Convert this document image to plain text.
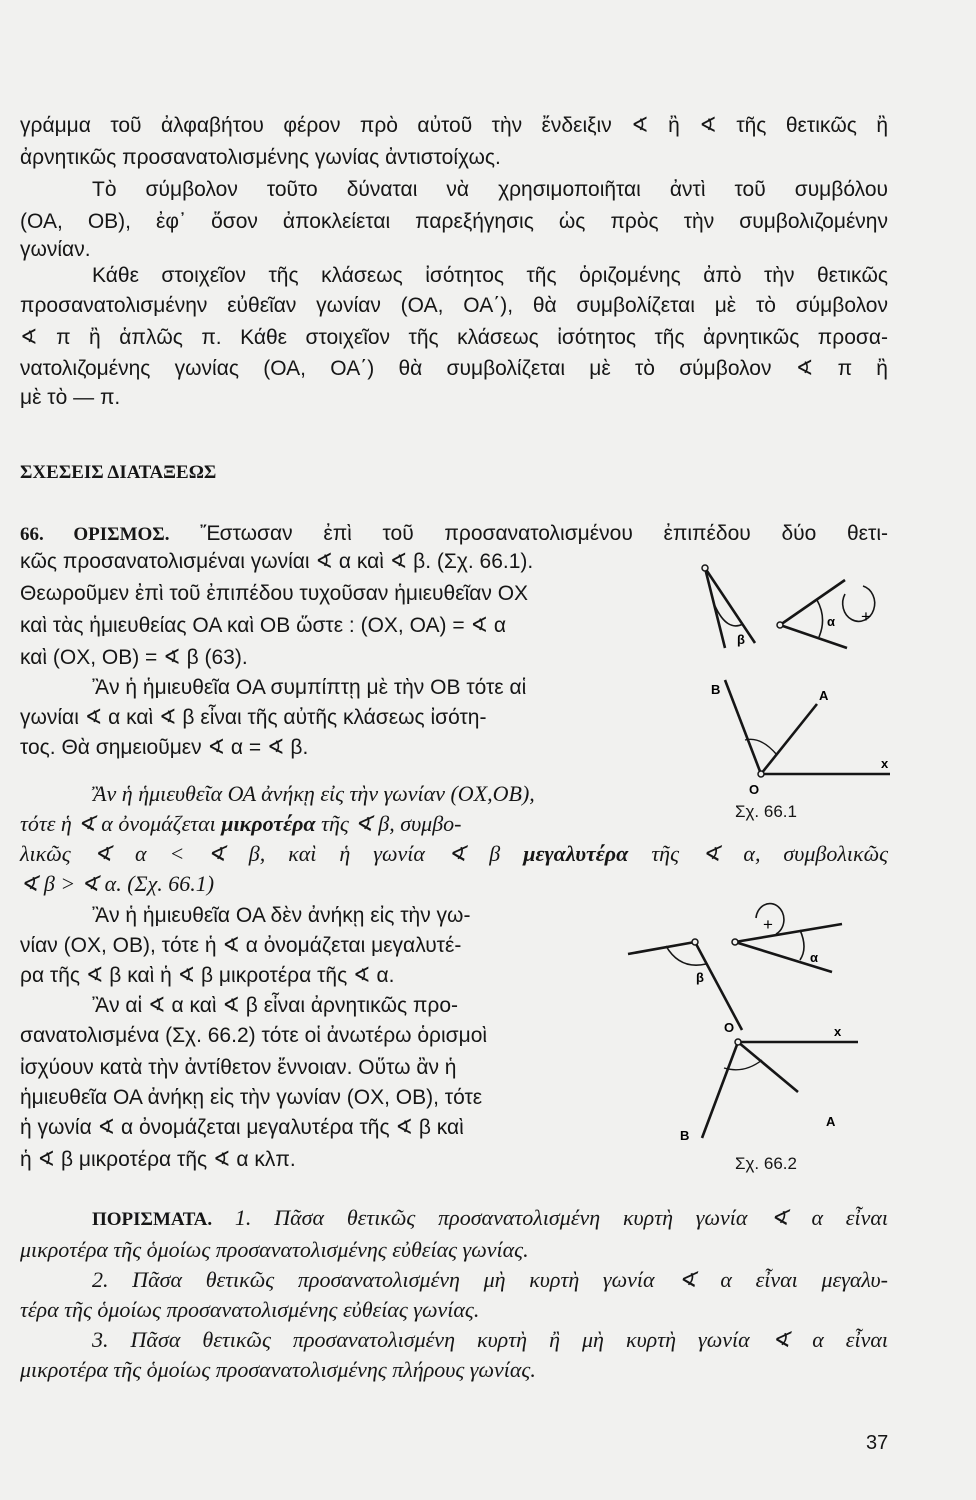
γράμμα τοῦ ἀλφαβήτου φέρον πρὸ αὐτοῦ τὴν ἔνδειξιν ∢ ἢ ∢ τῆς θετικῶς ἢ
ἀρνητικῶς προσανατολισμένης γωνίας ἀντιστοίχως.
Τὸ σύμβολον τοῦτο δύναται νὰ χρησιμοποιῆται ἀντὶ τοῦ συμβόλου
(ΟΑ, ΟΒ), ἐφ᾽ ὅσον ἀποκλείεται παρεξήγησις ὡς πρὸς τὴν συμβολιζομένην
γωνίαν.
Κάθε στοιχεῖον τῆς κλάσεως ἰσότητος τῆς ὁριζομένης ἀπὸ τὴν θετικῶς
προσανατολισμένην εὐθεῖαν γωνίαν (ΟΑ, ΟΑ΄), θὰ συμβολίζεται μὲ τὸ σύμβολον
∢ π ἢ ἁπλῶς π. Κάθε στοιχεῖον τῆς κλάσεως ἰσότητος τῆς ἀρνητικῶς προσα-
νατολιζομένης γωνίας (ΟΑ, ΟΑ΄) θὰ συμβολίζεται μὲ τὸ σύμβολον ∢ π ἢ
μὲ τὸ — π.
ΣΧΕΣΕΙΣ ΔΙΑΤΑΞΕΩΣ
66. ΟΡΙΣΜΟΣ. Ἔστωσαν ἐπὶ τοῦ προσανατολισμένου ἐπιπέδου δύο θετι-
κῶς προσανατολισμέναι γωνίαι ∢ α καὶ ∢ β. (Σχ. 66.1).
Θεωροῦμεν ἐπὶ τοῦ ἐπιπέδου τυχοῦσαν ἡμιευθεῖαν ΟΧ
καὶ τὰς ἡμιευθείας ΟΑ καὶ ΟΒ ὥστε : (ΟΧ, ΟΑ) = ∢ α
καὶ (ΟΧ, ΟΒ) = ∢ β (63).
Ἂν ἡ ἡμιευθεῖα ΟΑ συμπίπτῃ μὲ τὴν ΟΒ τότε αἱ
γωνίαι ∢ α καὶ ∢ β εἶναι τῆς αὐτῆς κλάσεως ἰσότη-
τος. Θὰ σημειοῦμεν ∢ α = ∢ β.
Ἂν ἡ ἡμιευθεῖα ΟΑ ἀνήκῃ εἰς τὴν γωνίαν (ΟΧ,ΟΒ),
τότε ἡ ∢ α ὀνομάζεται μικροτέρα τῆς ∢ β, συμβο-
λικῶς ∢ α < ∢ β, καὶ ἡ γωνία ∢ β μεγαλυτέρα τῆς ∢ α, συμβολικῶς
∢ β > ∢ α. (Σχ. 66.1)
Ἂν ἡ ἡμιευθεῖα ΟΑ δὲν ἀνήκῃ εἰς τὴν γω-
νίαν (ΟΧ, ΟΒ), τότε ἡ ∢ α ὀνομάζεται μεγαλυτέ-
ρα τῆς ∢ β καὶ ἡ ∢ β μικροτέρα τῆς ∢ α.
Ἂν αἱ ∢ α καὶ ∢ β εἶναι ἀρνητικῶς προ-
σανατολισμένα (Σχ. 66.2) τότε οἱ ἀνωτέρω ὁρισμοὶ
ἰσχύουν κατὰ τὴν ἀντίθετον ἔννοιαν. Οὕτω ἂν ἡ
ἡμιευθεῖα ΟΑ ἀνήκῃ εἰς τὴν γωνίαν (ΟΧ, ΟΒ), τότε
ἡ γωνία ∢ α ὀνομάζεται μεγαλυτέρα τῆς ∢ β καὶ
ἡ ∢ β μικροτέρα τῆς ∢ α κλπ.
ΠΟΡΙΣΜΑΤΑ. 1. Πᾶσα θετικῶς προσανατολισμένη κυρτὴ γωνία ∢ α εἶναι
μικροτέρα τῆς ὁμοίως προσανατολισμένης εὐθείας γωνίας.
2. Πᾶσα θετικῶς προσανατολισμένη μὴ κυρτὴ γωνία ∢ α εἶναι μεγαλυ-
τέρα τῆς ὁμοίως προσανατολισμένης εὐθείας γωνίας.
3. Πᾶσα θετικῶς προσανατολισμένη κυρτὴ ἢ μὴ κυρτὴ γωνία ∢ α εἶναι
μικροτέρα τῆς ὁμοίως προσανατολισμένης πλήρους γωνίας.
+
β
α
Β	Α
Ο
x
Σχ. 66.1
+
β
α
Ο	x
Α
Β
Σχ. 66.2
37
